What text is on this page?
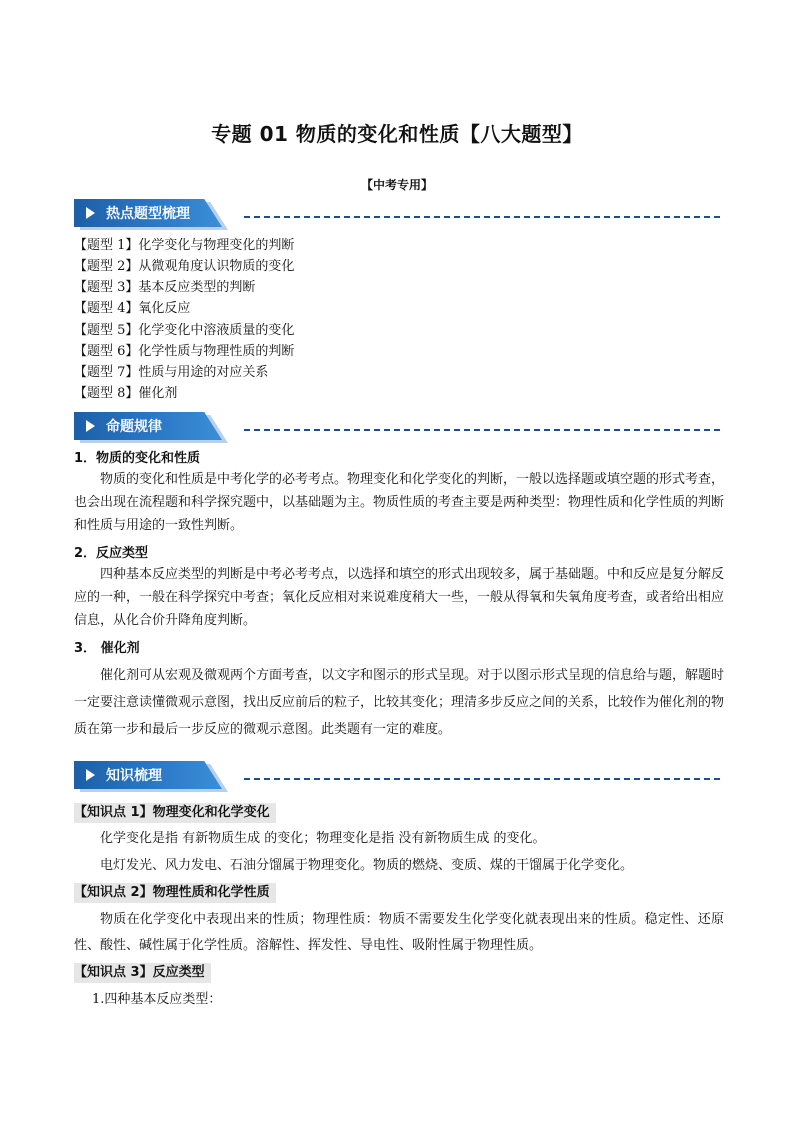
专题 01 物质的变化和性质【八大题型】
【中考专用】
热点题型梳理
【题型 1】化学变化与物理变化的判断
【题型 2】从微观角度认识物质的变化
【题型 3】基本反应类型的判断
【题型 4】氧化反应
【题型 5】化学变化中溶液质量的变化
【题型 6】化学性质与物理性质的判断
【题型 7】性质与用途的对应关系
【题型 8】催化剂
命题规律
1．物质的变化和性质
物质的变化和性质是中考化学的必考考点。物理变化和化学变化的判断，一般以选择题或填空题的形式考查，也会出现在流程题和科学探究题中，以基础题为主。物质性质的考查主要是两种类型：物理性质和化学性质的判断和性质与用途的一致性判断。
2．反应类型
四种基本反应类型的判断是中考必考考点，以选择和填空的形式出现较多，属于基础题。中和反应是复分解反应的一种，一般在科学探究中考查；氧化反应相对来说难度稍大一些，一般从得氧和失氧角度考查，或者给出相应信息，从化合价升降角度判断。
3． 催化剂
催化剂可从宏观及微观两个方面考查，以文字和图示的形式呈现。对于以图示形式呈现的信息给与题，解题时一定要注意读懂微观示意图，找出反应前后的粒子，比较其变化；理清多步反应之间的关系，比较作为催化剂的物质在第一步和最后一步反应的微观示意图。此类题有一定的难度。
知识梳理
【知识点 1】物理变化和化学变化
化学变化是指 有新物质生成 的变化；物理变化是指 没有新物质生成 的变化。
电灯发光、风力发电、石油分馏属于物理变化。物质的燃烧、变质、煤的干馏属于化学变化。
【知识点 2】物理性质和化学性质
物质在化学变化中表现出来的性质；物理性质：物质不需要发生化学变化就表现出来的性质。稳定性、还原性、酸性、碱性属于化学性质。溶解性、挥发性、导电性、吸附性属于物理性质。
【知识点 3】反应类型
1.四种基本反应类型：
